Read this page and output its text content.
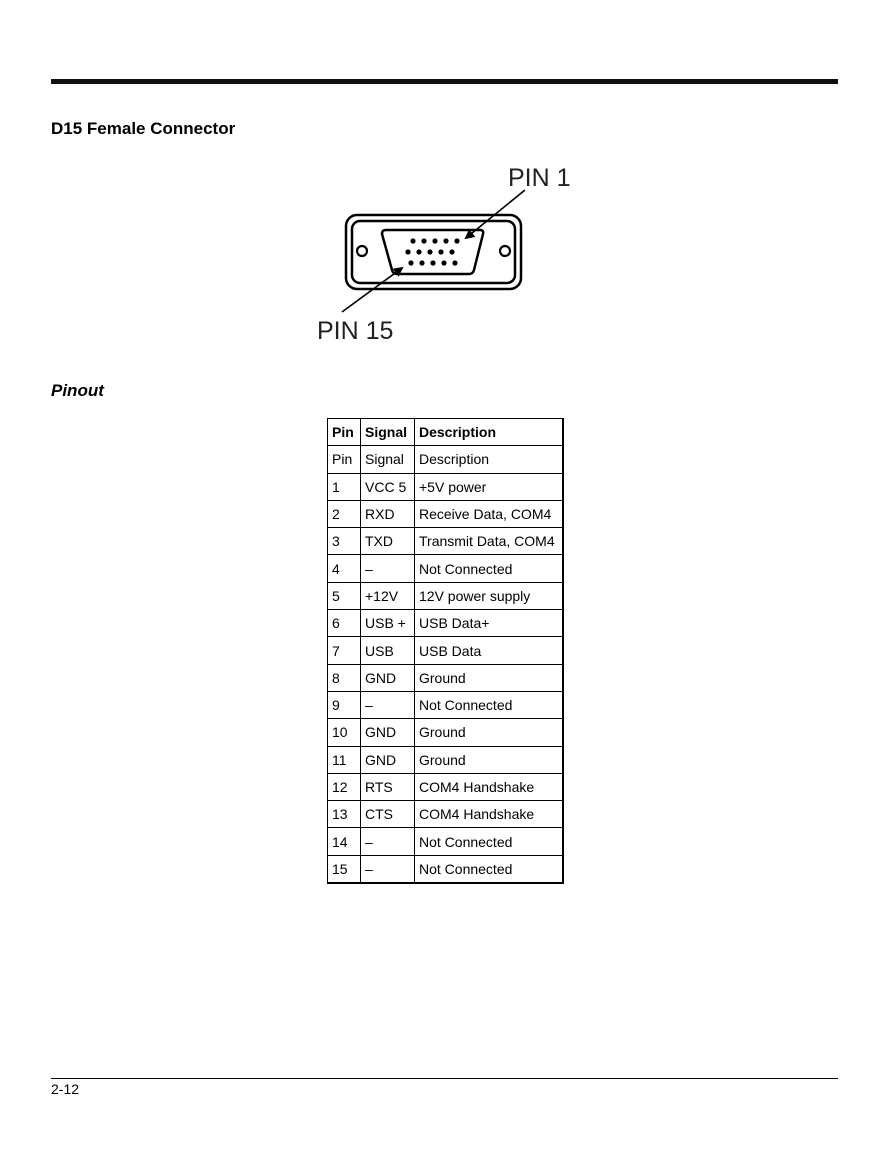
D15 Female Connector
PIN 1
PIN 15
Pinout
Pin	Signal	Description
Pin	Signal	Description
1	VCC 5	+5V power
2	RXD	Receive Data, COM4
3	TXD	Transmit Data, COM4
4	–	Not Connected
5	+12V	12V power supply
6	USB +	USB Data+
7	USB	USB Data
8	GND	Ground
9	–	Not Connected
10	GND	Ground
11	GND	Ground
12	RTS	COM4 Handshake
13	CTS	COM4 Handshake
14	–	Not Connected
15	–	Not Connected
2-12
